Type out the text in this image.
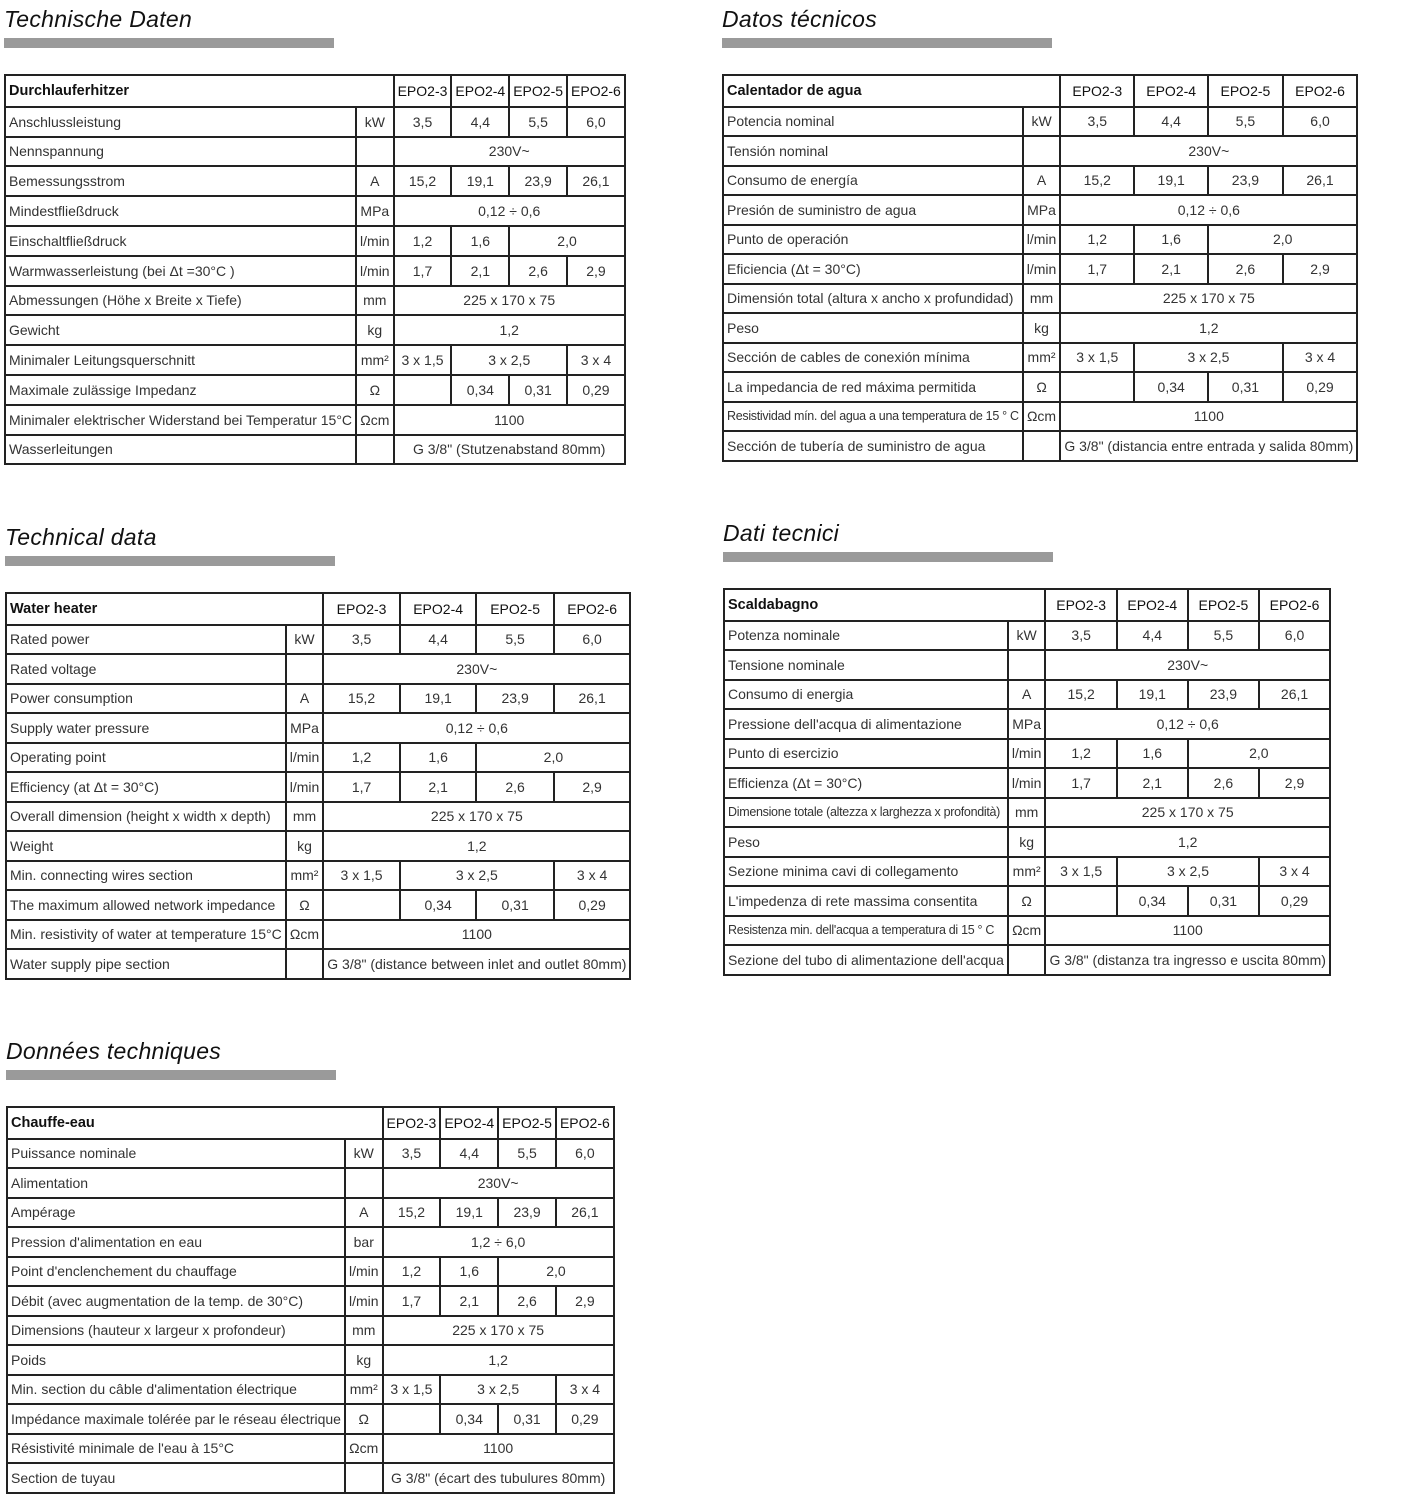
Technische Daten
Durchlauferhitzer		EPO2-3	EPO2-4	EPO2-5	EPO2-6
Anschlussleistung	kW	3,5	4,4	5,5	6,0
Nennspannung		230V~			
Bemessungsstrom	A	15,2	19,1	23,9	26,1
Mindestfließdruck	MPa	0,12 ÷ 0,6			
Einschaltfließdruck	l/min	1,2	1,6	2,0	
Warmwasserleistung (bei Δt =30°C )	l/min	1,7	2,1	2,6	2,9
Abmessungen (Höhe x Breite x Tiefe)	mm	225 x 170 x 75			
Gewicht	kg	1,2			
Minimaler Leitungsquerschnitt	mm²	3 x 1,5	3 x 2,5		3 x 4
Maximale zulässige Impedanz	Ω		0,34	0,31	0,29
Minimaler elektrischer Widerstand bei Temperatur 15°C	Ωcm	1100			
Wasserleitungen		G 3/8" (Stutzenabstand 80mm)			
Datos técnicos
Calentador de agua		EPO2-3	EPO2-4	EPO2-5	EPO2-6
Potencia nominal	kW	3,5	4,4	5,5	6,0
Tensión nominal		230V~			
Consumo de energía	A	15,2	19,1	23,9	26,1
Presión de suministro de agua	MPa	0,12 ÷ 0,6			
Punto de operación	l/min	1,2	1,6	2,0	
Eficiencia (Δt = 30°C)	l/min	1,7	2,1	2,6	2,9
Dimensión total (altura x ancho x profundidad)	mm	225 x 170 x 75			
Peso	kg	1,2			
Sección de cables de conexión mínima	mm²	3 x 1,5	3 x 2,5		3 x 4
La impedancia de red máxima permitida	Ω		0,34	0,31	0,29
Resistividad mín. del agua a una temperatura de 15 ° C	Ωcm	1100			
Sección de tubería de suministro de agua		G 3/8" (distancia entre entrada y salida 80mm)			
Technical data
Water heater		EPO2-3	EPO2-4	EPO2-5	EPO2-6
Rated power	kW	3,5	4,4	5,5	6,0
Rated voltage		230V~			
Power consumption	A	15,2	19,1	23,9	26,1
Supply water pressure	MPa	0,12 ÷ 0,6			
Operating point	l/min	1,2	1,6	2,0	
Efficiency (at Δt = 30°C)	l/min	1,7	2,1	2,6	2,9
Overall dimension (height x width x depth)	mm	225 x 170 x 75			
Weight	kg	1,2			
Min. connecting wires section	mm²	3 x 1,5	3 x 2,5		3 x 4
The maximum allowed network impedance	Ω		0,34	0,31	0,29
Min. resistivity of water at temperature 15°C	Ωcm	1100			
Water supply pipe section		G 3/8" (distance between inlet and outlet 80mm)			
Dati tecnici
Scaldabagno		EPO2-3	EPO2-4	EPO2-5	EPO2-6
Potenza nominale	kW	3,5	4,4	5,5	6,0
Tensione nominale		230V~			
Consumo di energia	A	15,2	19,1	23,9	26,1
Pressione dell'acqua di alimentazione	MPa	0,12 ÷ 0,6			
Punto di esercizio	l/min	1,2	1,6	2,0	
Efficienza (Δt = 30°C)	l/min	1,7	2,1	2,6	2,9
Dimensione totale (altezza x larghezza x profondità)	mm	225 x 170 x 75			
Peso	kg	1,2			
Sezione minima cavi di collegamento	mm²	3 x 1,5	3 x 2,5		3 x 4
L'impedenza di rete massima consentita	Ω		0,34	0,31	0,29
Resistenza min. dell'acqua a temperatura di 15 ° C	Ωcm	1100			
Sezione del tubo di alimentazione dell'acqua		G 3/8" (distanza tra ingresso e uscita 80mm)			
Données techniques
Chauffe-eau		EPO2-3	EPO2-4	EPO2-5	EPO2-6
Puissance nominale	kW	3,5	4,4	5,5	6,0
Alimentation		230V~			
Ampérage	A	15,2	19,1	23,9	26,1
Pression d'alimentation en eau	bar	1,2 ÷ 6,0			
Point d'enclenchement du chauffage	l/min	1,2	1,6	2,0	
Débit (avec augmentation de la temp. de 30°C)	l/min	1,7	2,1	2,6	2,9
Dimensions (hauteur x largeur x profondeur)	mm	225 x 170 x 75			
Poids	kg	1,2			
Min. section du câble d'alimentation électrique	mm²	3 x 1,5	3 x 2,5		3 x 4
Impédance maximale tolérée par le réseau électrique	Ω		0,34	0,31	0,29
Résistivité minimale de l'eau à 15°C	Ωcm	1100			
Section de tuyau		G 3/8" (écart des tubulures 80mm)			
